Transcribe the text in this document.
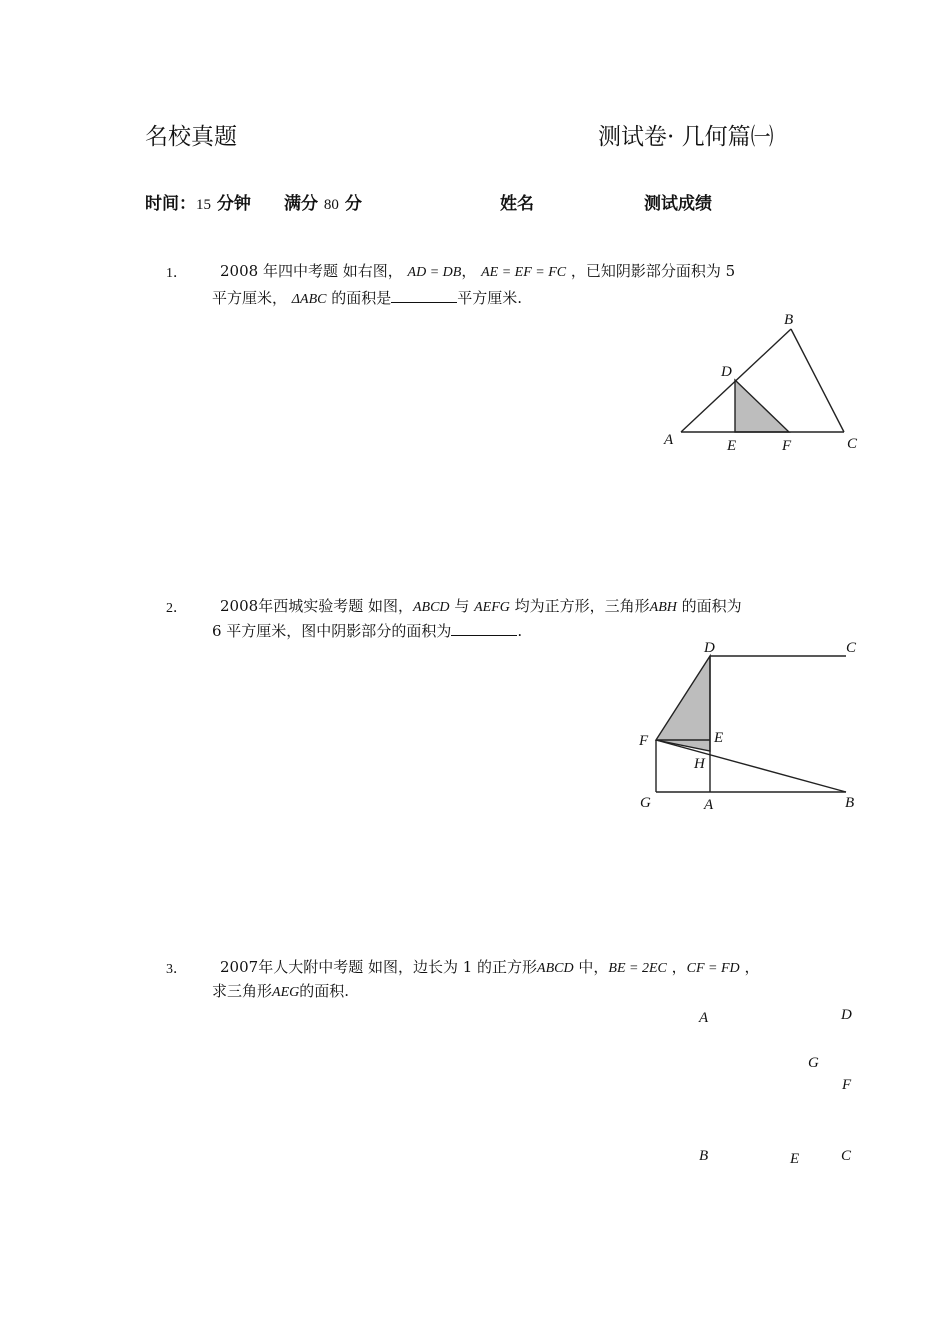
名校真题	测试卷· 几何篇㈠
时间：15 分钟 满分 80 分	姓名	测试成绩
1． 2008 年四中考题 如右图， AD = DB， AE = EF = FC ，已知阴影部分面积为 5
平方厘米， ΔABC 的面积是	平方厘米.
A
B
C
D
E	F
2． 2008年西城实验考题 如图，ABCD 与 AEFG 均为正方形，三角形ABH 的面积为
6 平方厘米，图中阴影部分的面积为	.
D	C
F	E
H
G	A	B
3． 2007年人大附中考题 如图，边长为 1 的正方形ABCD 中，BE = 2EC ，CF = FD ，
求三角形AEG的面积.
A	D
G
F
B	E	C
